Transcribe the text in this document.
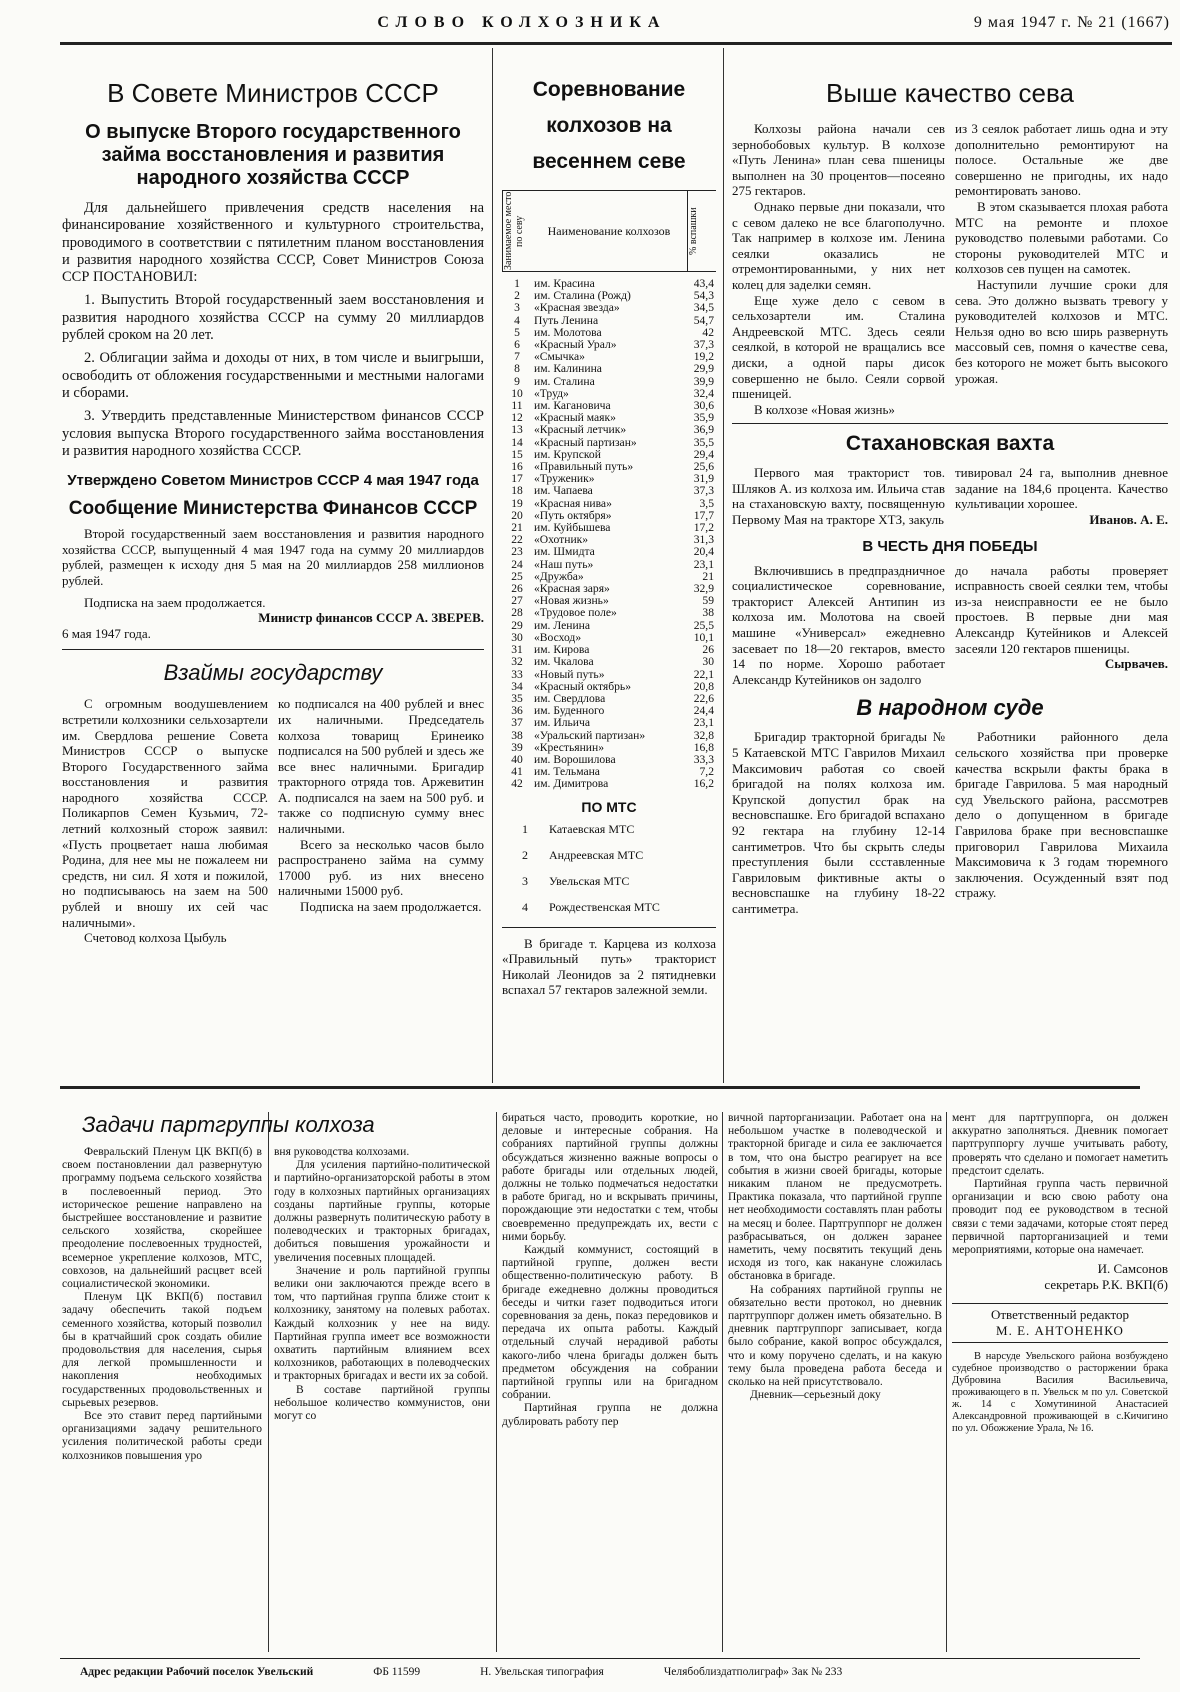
СЛОВО КОЛХОЗНИКА	9 мая 1947 г. № 21 (1667)
В Совете Министров СССР
О выпуске Второго государственного займа восстановления и развития народного хозяйства СССР

Для дальнейшего привлечения средств населения на финансирование хозяйственного и культурного строительства, проводимого в соответствии с пятилетним планом восстановления и развития народного хозяйства СССР, Совет Министров Союза ССР ПОСТАНОВИЛ:

1. Выпустить Второй государственный заем восстановления и развития народного хозяйства СССР на сумму 20 миллиардов рублей сроком на 20 лет.

2. Облигации займа и доходы от них, в том числе и выигрыши, освободить от обложения государственными и местными налогами и сборами.

3. Утвердить представленные Министерством финансов СССР условия выпуска Второго государственного займа восстановления и развития народного хозяйства СССР.

Утверждено Советом Министров СССР 4 мая 1947 года
Сообщение Министерства Финансов СССР

Второй государственный заем восстановления и развития народного хозяйства СССР, выпущенный 4 мая 1947 года на сумму 20 миллиардов рублей, размещен к исходу дня 5 мая на 20 миллиардов 258 миллионов рублей.

Подписка на заем продолжается.

Министр финансов СССР А. ЗВЕРЕВ.

6 мая 1947 года.

Взаймы государству

С огромным воодушевлением встретили колхозники сельхозартели им. Свердлова решение Совета Министров СССР о выпуске Второго Государственного займа восстановления и развития народного хозяйства СССР. Поликарпов Семен Кузьмич, 72-летний колхозный сторож заявил: «Пусть процветает наша любимая Родина, для нее мы не пожалеем ни средств, ни сил. Я хотя и пожилой, но подписываюсь на заем на 500 рублей и вношу их сей час наличными».

Счетовод колхоза Цыбуль

ко подписался на 400 рублей и внес их наличными. Председатель колхоза товарищ Еринеико подписался на 500 рублей и здесь же все внес наличными. Бригадир тракторного отряда тов. Аржевитин А. подписался на заем на 500 руб. и также со подписную сумму внес наличными.

Всего за несколько часов было распространено займа на сумму 17000 руб. из них внесено наличными 15000 руб.

Подписка на заем продолжается.

Соревнование колхозов на весеннем севе
Занимаемое место по севу	Наименование колхозов	% вспашки
1	им. Красина	43,4
2	им. Сталина (Рожд)	54,3
3	«Красная звезда»	34,5
4	Путь Ленина	54,7
5	им. Молотова	42
6	«Красный Урал»	37,3
7	«Смычка»	19,2
8	им. Калинина	29,9
9	им. Сталина	39,9
10	«Труд»	32,4
11	им. Кагановича	30,6
12	«Красный маяк»	35,9
13	«Красный летчик»	36,9
14	«Красный партизан»	35,5
15	им. Крупской	29,4
16	«Правильный путь»	25,6
17	«Труженик»	31,9
18	им. Чапаева	37,3
19	«Красная нива»	3,5
20	«Путь октября»	17,7
21	им. Куйбышева	17,2
22	«Охотник»	31,3
23	им. Шмидта	20,4
24	«Наш путь»	23,1
25	«Дружба»	21
26	«Красная заря»	32,9
27	«Новая жизнь»	59
28	«Трудовое поле»	38
29	им. Ленина	25,5
30	«Восход»	10,1
31	им. Кирова	26
32	им. Чкалова	30
33	«Новый путь»	22,1
34	«Красный октябрь»	20,8
35	им. Свердлова	22,6
36	им. Буденного	24,4
37	им. Ильича	23,1
38	«Уральский партизан»	32,8
39	«Крестьянин»	16,8
40	им. Ворошилова	33,3
41	им. Тельмана	7,2
42	им. Димитрова	16,2
ПО МТС
1	Катаевская МТС
2	Андреевская МТС
3	Увельская МТС
4	Рождественская МТС

В бригаде т. Карцева из колхоза «Правильный путь» тракторист Николай Леонидов за 2 пятидневки вспахал 57 гектаров залежной земли.

Выше качество сева

Колхозы района начали сев зернобобовых культур. В колхозе «Путь Ленина» план сева пшеницы выполнен на 30 процентов—посеяно 275 гектаров.

Однако первые дни показали, что с севом далеко не все благополучно. Так например в колхозе им. Ленина сеялки оказались не отремонтированными, у них нет колец для заделки семян.

Еще хуже дело с севом в сельхозартели им. Сталина Андреевской МТС. Здесь сеяли сеялкой, в которой не вращались все диски, а одной пары дисок совершенно не было. Сеяли сорвой пшеницей.

В колхозе «Новая жизнь»

из 3 сеялок работает лишь одна и эту дополнительно ремонтируют на полосе. Остальные же две совершенно не пригодны, их надо ремонтировать заново.

В этом сказывается плохая работа МТС на ремонте и плохое руководство полевыми работами. Со стороны руководителей МТС и колхозов сев пущен на самотек.

Наступили лучшие сроки для сева. Это должно вызвать тревогу у руководителей колхозов и МТС. Нельзя одно во всю ширь развернуть массовый сев, помня о качестве сева, без которого не может быть высокого урожая.

Стахановская вахта

Первого мая тракторист тов. Шляков А. из колхоза им. Ильича став на стахановскую вахту, посвященную Первому Мая на тракторе ХТЗ, закуль

тивировал 24 га, выполнив дневное задание на 184,6 процента. Качество культивации хорошее.

Иванов. А. Е.

В ЧЕСТЬ ДНЯ ПОБЕДЫ

Включившись в предпраздничное социалистическое соревнование, тракторист Алексей Антипин из колхоза им. Молотова на своей машине «Универсал» ежедневно засевает по 18—20 гектаров, вместо 14 по норме. Хорошо работает Александр Кутейников он задолго

до начала работы проверяет исправность своей сеялки тем, чтобы из-за неисправности ее не было простоев. В первые дни мая Александр Кутейников и Алексей засеяли 120 гектаров пшеницы.

Сырвачев.

В народном суде

Бригадир тракторной бригады № 5 Катаевской МТС Гаврилов Михаил Максимович работая со своей бригадой на полях колхоза им. Крупской допустил брак на весновспашке. Его бригадой вспахано 92 гектара на глубину 12-14 сантиметров. Что бы скрыть следы преступления были ссставленные Гавриловым фиктивные акты о весновспашке на глубину 18-22 сантиметра.

Работники районного дела сельского хозяйства при проверке качества вскрыли факты брака в бригаде Гаврилова. 5 мая народный суд Увельского района, рассмотрев дело о допущенном в бригаде Гаврилова браке при весновспашке приговорил Гаврилова Михаила Максимовича к 3 годам тюремного заключения. Осужденный взят под стражу.

Задачи партгруппы колхоза

Февральский Пленум ЦК ВКП(б) в своем постановлении дал развернутую программу подъема сельского хозяйства в послевоенный период. Это историческое решение направлено на быстрейшее восстановление и развитие сельского хозяйства, скорейшее преодоление послевоенных трудностей, всемерное укрепление колхозов, МТС, совхозов, на дальнейший расцвет всей социалистической экономики.

Пленум ЦК ВКП(б) поставил задачу обеспечить такой подъем семенного хозяйства, который позволил бы в кратчайший срок создать обилие продовольствия для населения, сырья для легкой промышленности и накопления необходимых государственных продовольственных и сырьевых резервов.

Все это ставит перед партийными организациями задачу решительного усиления политической работы среди колхозников повышения уро

вня руководства колхозами.

Для усиления партийно-политической и партийно-организаторской работы в этом году в колхозных партийных организациях созданы партийные группы, которые должны развернуть политическую работу в полеводческих и тракторных бригадах, добиться повышения урожайности и увеличения посевных площадей.

Значение и роль партийной группы велики они заключаются прежде всего в том, что партийная группа ближе стоит к колхознику, занятому на полевых работах. Каждый колхозник у нее на виду. Партийная группа имеет все возможности охватить партийным влиянием всех колхозников, работающих в полеводческих и тракторных бригадах и вести их за собой.

В составе партийной группы небольшое количество коммунистов, они могут со

бираться часто, проводить короткие, но деловые и интересные собрания. На собраниях партийной группы должны обсуждаться жизненно важные вопросы о работе бригады или отдельных людей, должны не только подмечаться недостатки в работе бригад, но и вскрывать причины, порождающие эти недостатки с тем, чтобы своевременно предупреждать их, вести с ними борьбу.

Каждый коммунист, состоящий в партийной группе, должен вести общественно-политическую работу. В бригаде ежедневно должны проводиться беседы и читки газет подводиться итоги соревнования за день, показ передовиков и передача их опыта работы. Каждый отдельный случай нерадивой работы какого-либо члена бригады должен быть предметом обсуждения на собрании партийной группы или на бригадном собрании.

Партийная группа не должна дублировать работу пер

вичной парторганизации. Работает она на небольшом участке в полеводческой и тракторной бригаде и сила ее заключается в том, что она быстро реагирует на все события в жизни своей бригады, которые никаким планом не предусмотреть. Практика показала, что партийной группе нет необходимости составлять план работы на месяц и более. Партгруппорг не должен разбрасываться, он должен заранее наметить, чему посвятить текущий день исходя из того, как накануне сложилась обстановка в бригаде.

На собраниях партийной группы не обязательно вести протокол, но дневник партгруппорг должен иметь обязательно. В дневник партгруппорг записывает, когда было собрание, какой вопрос обсуждался, что и кому поручено сделать, и на какую тему была проведена работа беседа и сколько на ней присутствовало.

Дневник—серьезный доку

мент для партгруппорга, он должен аккуратно заполняться. Дневник помогает партгруппоргу лучше учитывать работу, проверять что сделано и помогает наметить предстоит сделать.

Партийная группа часть первичной организации и всю свою работу она проводит под ее руководством в тесной связи с теми задачами, которые стоят перед первичной парторганизацией и теми мероприятиями, которые она намечает.

И. Самсонов
секретарь Р.К. ВКП(б)
Ответственный редактор
М. Е. АНТОНЕНКО

В нарсуде Увельского района возбуждено судебное производство о расторжении брака Дубровина Василия Васильевича, проживающего в п. Увельск м по ул. Советской ж. 14 с Хомутининой Анастасией Александровной проживающей в с.Кичигино по ул. Обожжение Урала, № 16.

Адрес редакции Рабочий поселок Увельский	ФБ 11599	Н. Увельская типография	Челябоблиздатполиграф» Зак № 233
